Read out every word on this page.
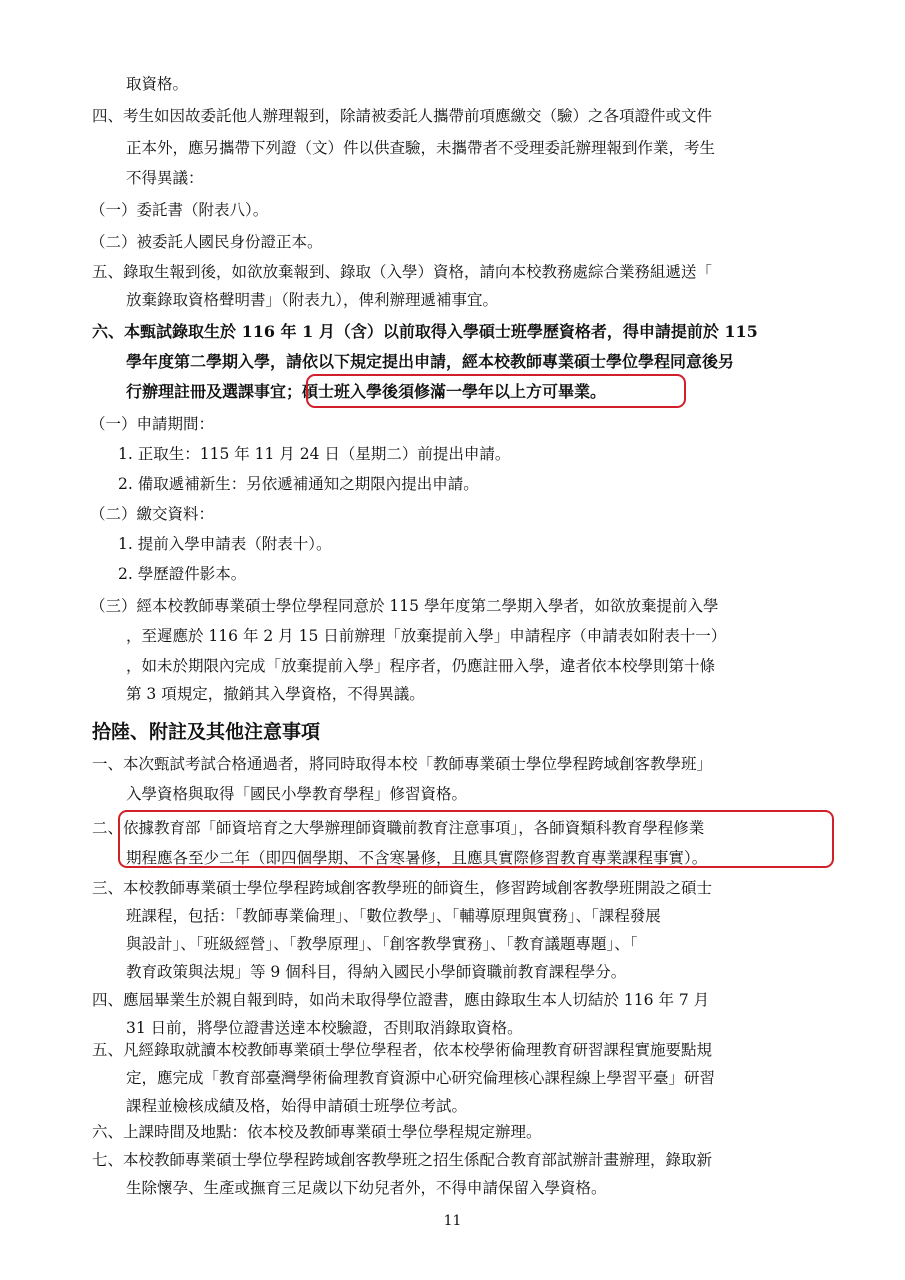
取資格。
四、考生如因故委託他人辦理報到，除請被委託人攜帶前項應繳交（驗）之各項證件或文件
正本外，應另攜帶下列證（文）件以供查驗，未攜帶者不受理委託辦理報到作業，考生
不得異議：
（一）委託書（附表八）。
（二）被委託人國民身份證正本。
五、錄取生報到後，如欲放棄報到、錄取（入學）資格，請向本校教務處綜合業務組遞送「
放棄錄取資格聲明書」（附表九），俾利辦理遞補事宜。
六、本甄試錄取生於 116 年 1 月（含）以前取得入學碩士班學歷資格者，得申請提前於 115
學年度第二學期入學，請依以下規定提出申請，經本校教師專業碩士學位學程同意後另
行辦理註冊及選課事宜；碩士班入學後須修滿一學年以上方可畢業。
（一）申請期間：
1. 正取生：115 年 11 月 24 日（星期二）前提出申請。
2. 備取遞補新生：另依遞補通知之期限內提出申請。
（二）繳交資料：
1. 提前入學申請表（附表十）。
2. 學歷證件影本。
（三）經本校教師專業碩士學位學程同意於 115 學年度第二學期入學者，如欲放棄提前入學
，至遲應於 116 年 2 月 15 日前辦理「放棄提前入學」申請程序（申請表如附表十一）
，如未於期限內完成「放棄提前入學」程序者，仍應註冊入學，違者依本校學則第十條
第 3 項規定，撤銷其入學資格，不得異議。
拾陸、附註及其他注意事項
一、本次甄試考試合格通過者，將同時取得本校「教師專業碩士學位學程跨域創客教學班」
入學資格與取得「國民小學教育學程」修習資格。
二、依據教育部「師資培育之大學辦理師資職前教育注意事項」，各師資類科教育學程修業
期程應各至少二年（即四個學期、不含寒暑修，且應具實際修習教育專業課程事實）。
三、本校教師專業碩士學位學程跨域創客教學班的師資生，修習跨域創客教學班開設之碩士
班課程，包括：「教師專業倫理」、「數位教學」、「輔導原理與實務」、「課程發展
與設計」、「班級經營」、「教學原理」、「創客教學實務」、「教育議題專題」、「
教育政策與法規」等 9 個科目，得納入國民小學師資職前教育課程學分。
四、應屆畢業生於親自報到時，如尚未取得學位證書，應由錄取生本人切結於 116 年 7 月
31 日前，將學位證書送達本校驗證，否則取消錄取資格。
五、凡經錄取就讀本校教師專業碩士學位學程者，依本校學術倫理教育研習課程實施要點規
定，應完成「教育部臺灣學術倫理教育資源中心研究倫理核心課程線上學習平臺」研習
課程並檢核成績及格，始得申請碩士班學位考試。
六、上課時間及地點：依本校及教師專業碩士學位學程規定辦理。
七、本校教師專業碩士學位學程跨域創客教學班之招生係配合教育部試辦計畫辦理，錄取新
生除懷孕、生產或撫育三足歲以下幼兒者外，不得申請保留入學資格。
11
